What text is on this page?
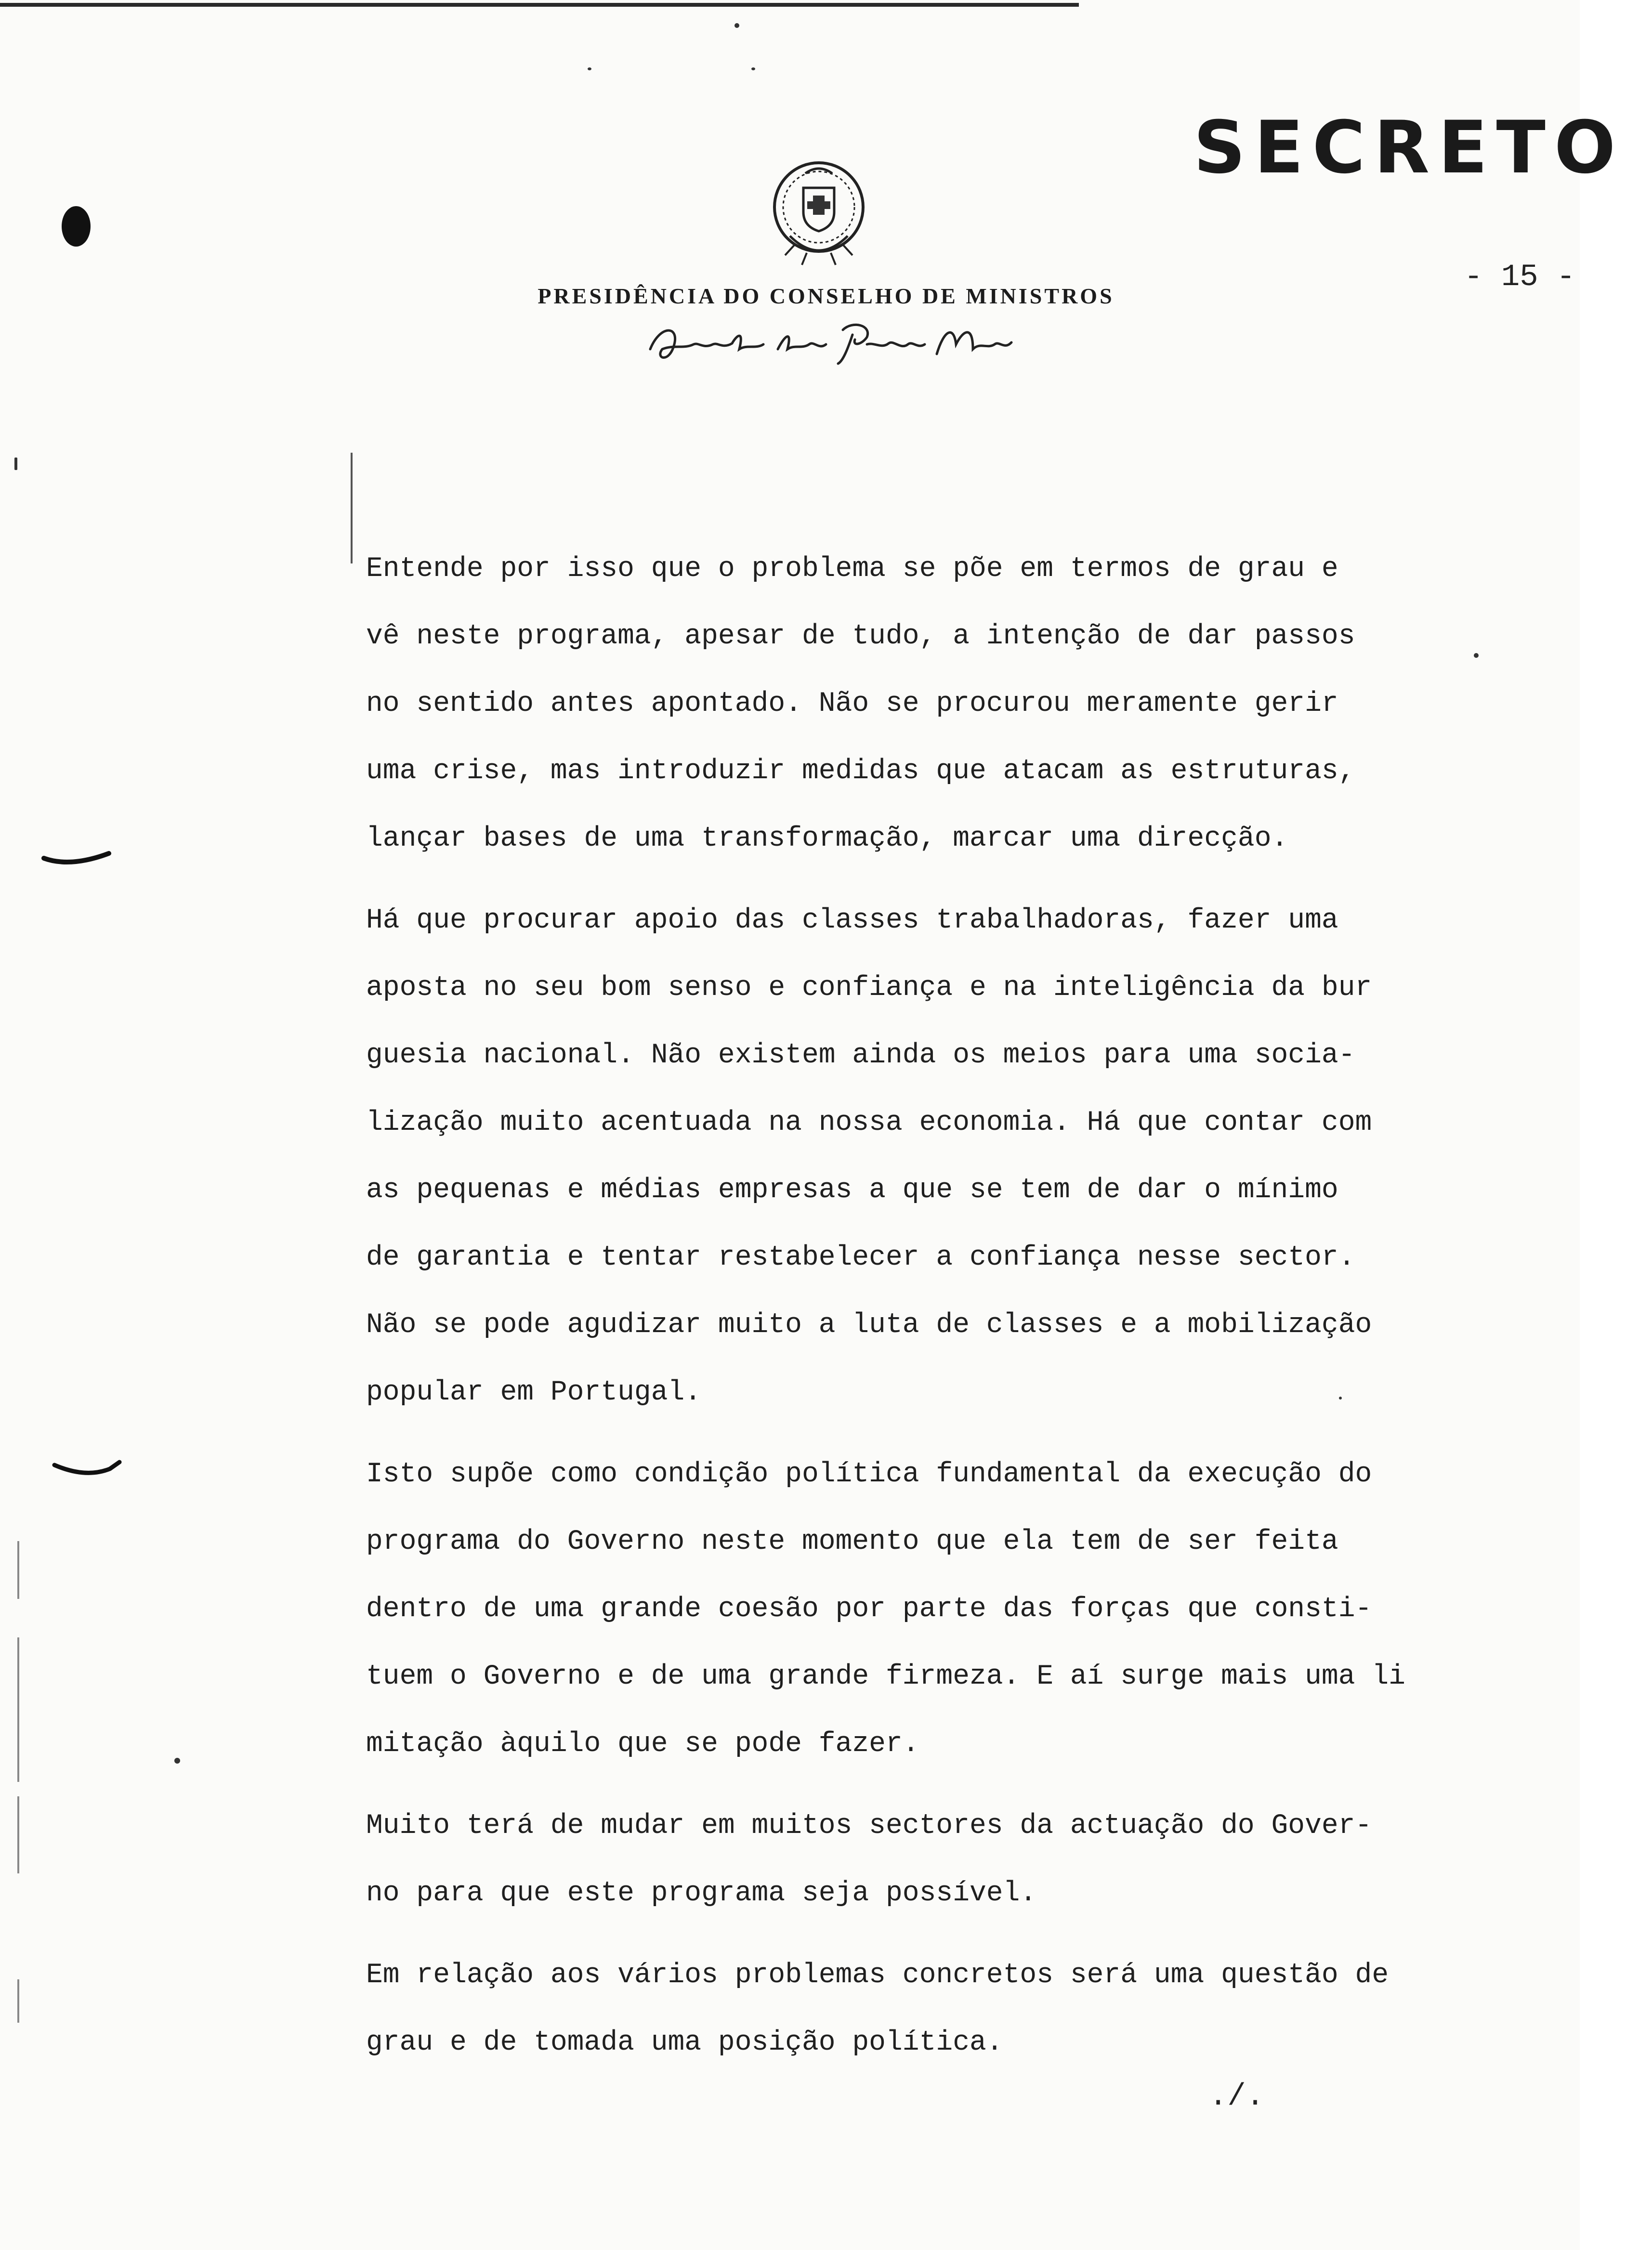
SECRETO
- 15 -
PRESIDÊNCIA DO CONSELHO DE MINISTROS
Entende por isso que o problema se põe em termos de grau e
vê neste programa, apesar de tudo, a intenção de dar passos
no sentido antes apontado. Não se procurou meramente gerir
uma crise, mas introduzir medidas que atacam as estruturas,
lançar bases de uma transformação, marcar uma direcção.
Há que procurar apoio das classes trabalhadoras, fazer uma
aposta no seu bom senso e confiança e na inteligência da bur
guesia nacional. Não existem ainda os meios para uma socia-
lização muito acentuada na nossa economia. Há que contar com
as pequenas e médias empresas a que se tem de dar o mínimo
de garantia e tentar restabelecer a confiança nesse sector.
Não se pode agudizar muito a luta de classes e a mobilização
popular em Portugal.
Isto supõe como condição política fundamental da execução do
programa do Governo neste momento que ela tem de ser feita
dentro de uma grande coesão por parte das forças que consti-
tuem o Governo e de uma grande firmeza. E aí surge mais uma li
mitação àquilo que se pode fazer.
Muito terá de mudar em muitos sectores da actuação do Gover-
no para que este programa seja possível.
Em relação aos vários problemas concretos será uma questão de
grau e de tomada uma posição política.
./.
